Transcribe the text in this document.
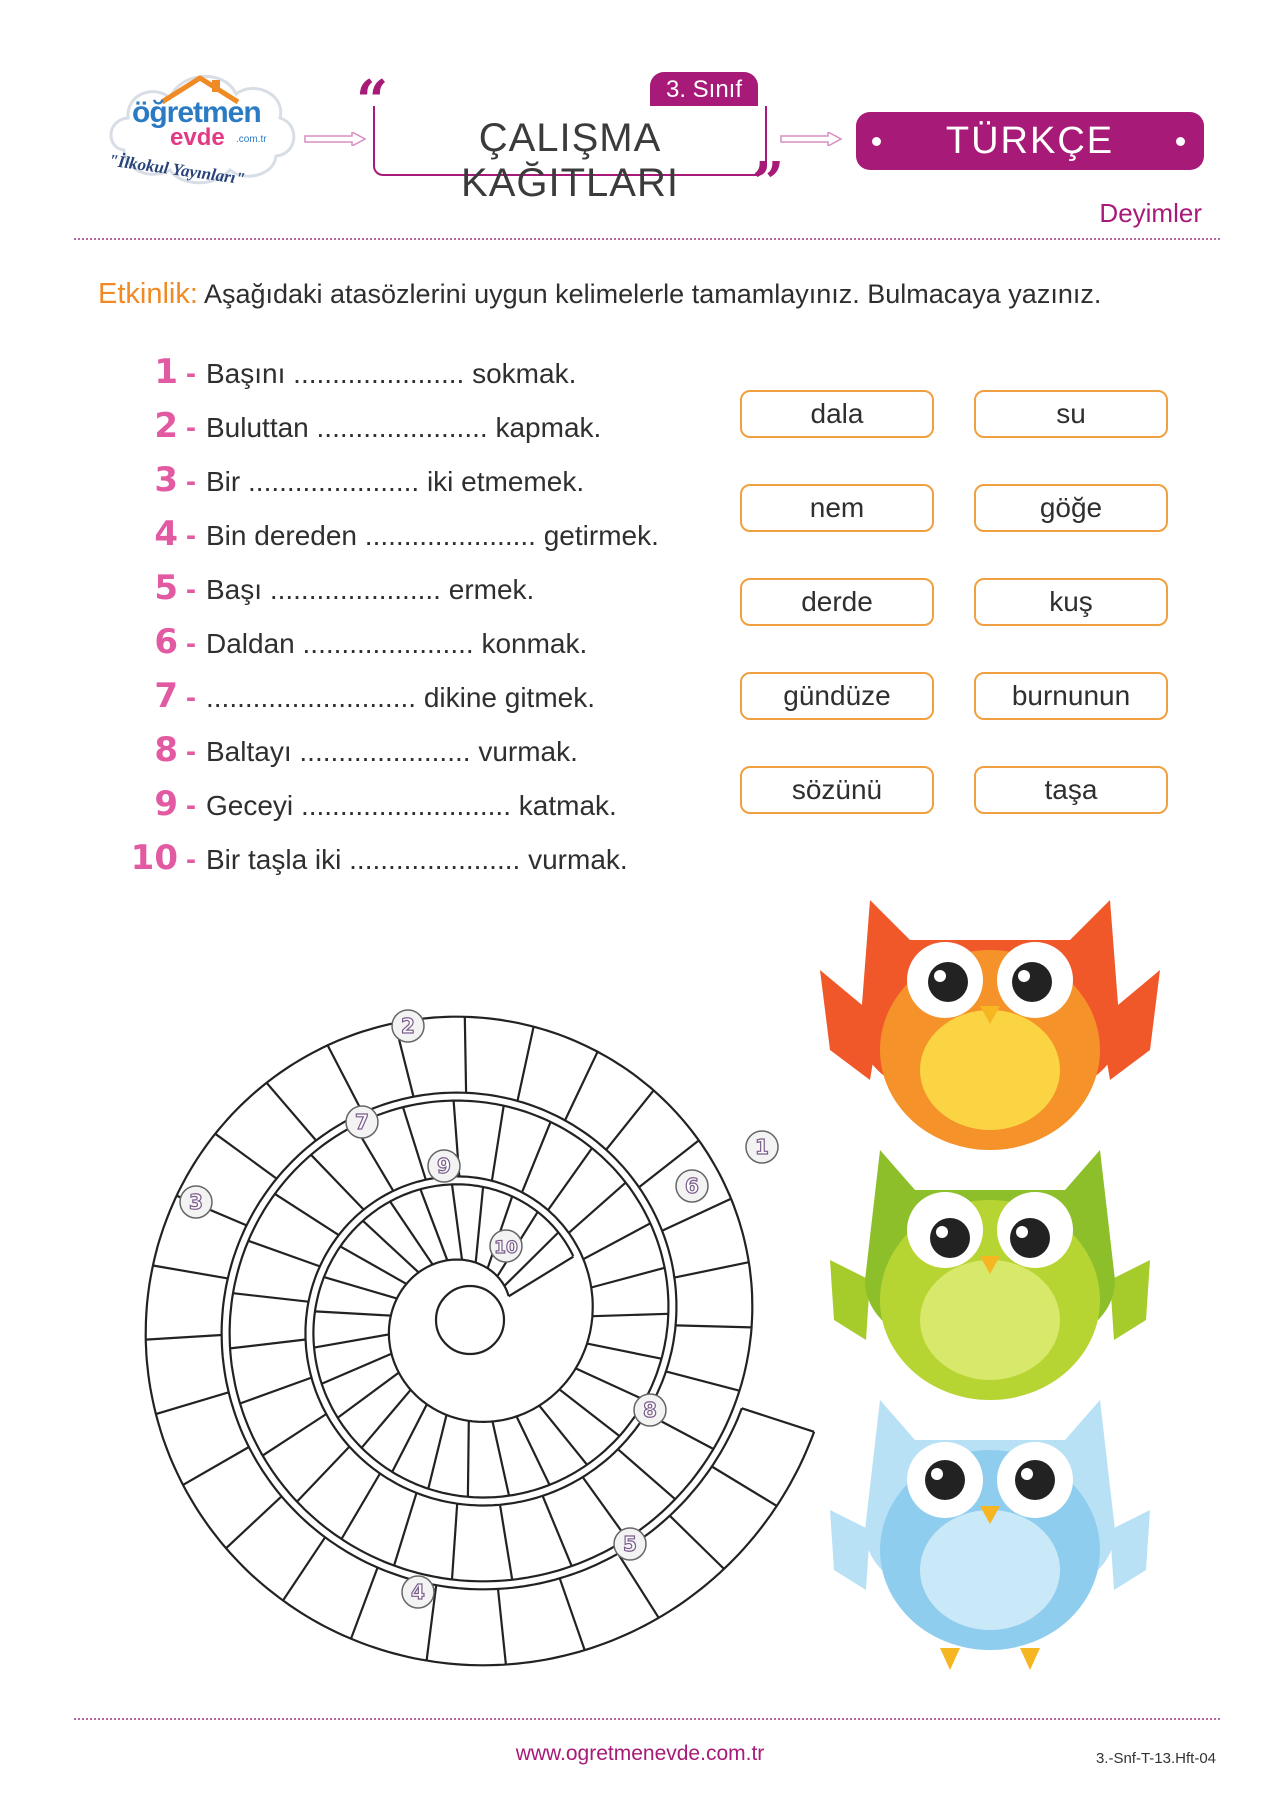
öğretmen
evde .com.tr
"İlkokul Yayınları"
“	3. Sınıf
ÇALIŞMA KAĞITLARI	”
TÜRKÇE
Deyimler
Etkinlik: Aşağıdaki atasözlerini uygun kelimelerle tamamlayınız. Bulmacaya yazınız.
1 - Başını ...................... sokmak.
2 - Buluttan ...................... kapmak.
3 - Bir ...................... iki etmemek.
4 - Bin dereden ...................... getirmek.
5 - Başı ...................... ermek.
6 - Daldan ...................... konmak.
7 - ........................... dikine gitmek.
8 - Baltayı ...................... vurmak.
9 - Geceyi ........................... katmak.
10 - Bir taşla iki ...................... vurmak.
dala	su
nem	göğe
derde	kuş
gündüze	burnunun
sözünü	taşa
1
2
3
4
5
6
7
8
9
10
www.ogretmenevde.com.tr	3.-Snf-T-13.Hft-04
